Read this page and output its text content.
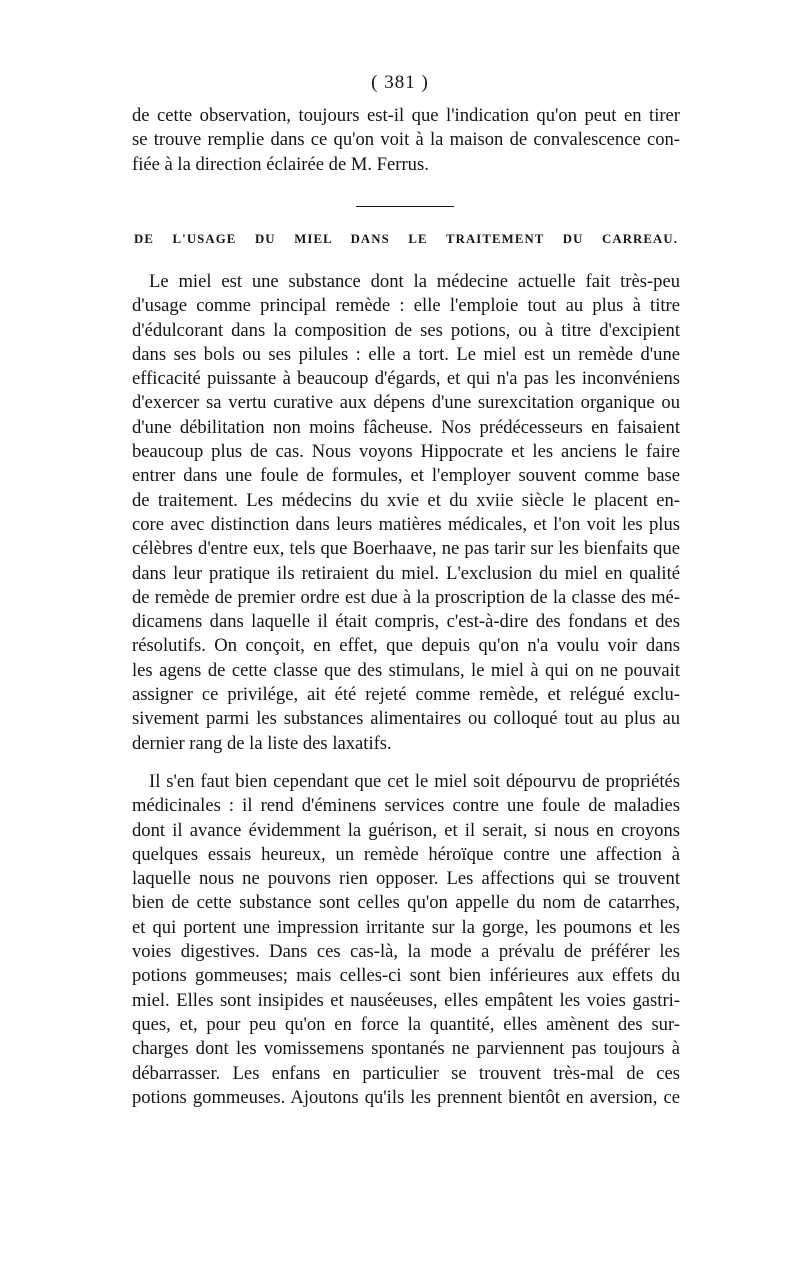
( 381 )

de cette observation, toujours est-il que l'indication qu'on peut en tirer
se trouve remplie dans ce qu'on voit à la maison de convalescence con-
fiée à la direction éclairée de M. Ferrus.

DE L'USAGE DU MIEL DANS LE TRAITEMENT DU CARREAU.

Le miel est une substance dont la médecine actuelle fait très-peu
d'usage comme principal remède : elle l'emploie tout au plus à titre
d'édulcorant dans la composition de ses potions, ou à titre d'excipient
dans ses bols ou ses pilules : elle a tort. Le miel est un remède d'une
efficacité puissante à beaucoup d'égards, et qui n'a pas les inconvéniens
d'exercer sa vertu curative aux dépens d'une surexcitation organique ou
d'une débilitation non moins fâcheuse. Nos prédécesseurs en faisaient
beaucoup plus de cas. Nous voyons Hippocrate et les anciens le faire
entrer dans une foule de formules, et l'employer souvent comme base
de traitement. Les médecins du xvie et du xviie siècle le placent en-
core avec distinction dans leurs matières médicales, et l'on voit les plus
célèbres d'entre eux, tels que Boerhaave, ne pas tarir sur les bienfaits que
dans leur pratique ils retiraient du miel. L'exclusion du miel en qualité
de remède de premier ordre est due à la proscription de la classe des mé-
dicamens dans laquelle il était compris, c'est-à-dire des fondans et des
résolutifs. On conçoit, en effet, que depuis qu'on n'a voulu voir dans
les agens de cette classe que des stimulans, le miel à qui on ne pouvait
assigner ce privilége, ait été rejeté comme remède, et relégué exclu-
sivement parmi les substances alimentaires ou colloqué tout au plus au
dernier rang de la liste des laxatifs.

Il s'en faut bien cependant que cet le miel soit dépourvu de propriétés
médicinales : il rend d'éminens services contre une foule de maladies
dont il avance évidemment la guérison, et il serait, si nous en croyons
quelques essais heureux, un remède héroïque contre une affection à
laquelle nous ne pouvons rien opposer. Les affections qui se trouvent
bien de cette substance sont celles qu'on appelle du nom de catarrhes,
et qui portent une impression irritante sur la gorge, les poumons et les
voies digestives. Dans ces cas-là, la mode a prévalu de préférer les
potions gommeuses; mais celles-ci sont bien inférieures aux effets du
miel. Elles sont insipides et nauséeuses, elles empâtent les voies gastri-
ques, et, pour peu qu'on en force la quantité, elles amènent des sur-
charges dont les vomissemens spontanés ne parviennent pas toujours à
débarrasser. Les enfans en particulier se trouvent très-mal de ces
potions gommeuses. Ajoutons qu'ils les prennent bientôt en aversion, ce
